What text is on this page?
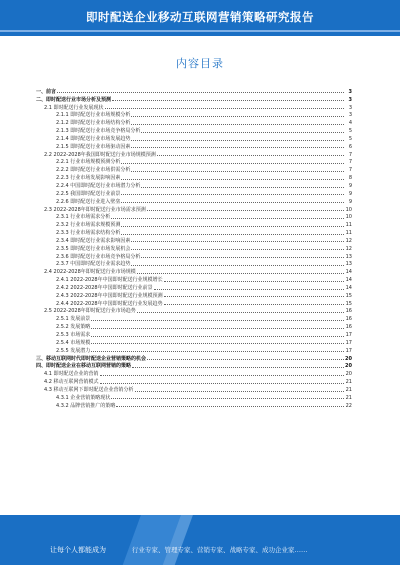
即时配送企业移动互联网营销策略研究报告
内容目录
一、前言	3
二、即时配送行业市场分析及预测	3
2.1 即时配送行业发展现状	3
2.1.1 即时配送行业市场规模分析	3
2.1.2 即时配送行业市场结构分析	4
2.1.3 即时配送行业市场竞争格局分析	5
2.1.4 即时配送行业市场发展趋势	5
2.1.5 即时配送行业市场驱动因素	6
2.2 2022-2028年我国即时配送行业市场规模预测	7
2.2.1 行业市场规模预测分析	7
2.2.2 即时配送行业市场供需分析	7
2.2.3 行业市场发展影响因素	8
2.2.4 中国即时配送行业市场潜力分析	9
2.2.5 我国即时配送行业前景	9
2.2.6 即时配送行业进入壁垒	9
2.3 2022-2028年即时配送行业市场需求预测	10
2.3.1 行业市场需求分析	10
2.3.2 行业市场需求规模预测	11
2.3.3 行业市场需求结构分析	11
2.3.4 即时配送行业需求影响因素	12
2.3.5 即时配送行业市场发展机会	12
2.3.6 即时配送行业市场竞争格局分析	13
2.3.7 中国即时配送行业需求趋势	13
2.4 2022-2028年即时配送行业市场规模	14
2.4.1 2022-2028年中国即时配送行业规模增长	14
2.4.2 2022-2028年中国即时配送行业前景	14
2.4.3 2022-2028年中国即时配送行业规模预测	15
2.4.4 2022-2028年中国即时配送行业发展趋势	15
2.5 2022-2028年即时配送行业市场趋势	16
2.5.1 发展前景	16
2.5.2 发展策略	16
2.5.3 市场需求	17
2.5.4 市场规模	17
2.5.5 发展潜力	17
三、移动互联网时代即时配送企业营销策略的机会	20
四、即时配送企业在移动互联网营销的策略	20
4.1 即时配送企业的营销	20
4.2 移动互联网营销模式	21
4.3 移动互联网下即时配送企业营销分析	21
4.3.1 企业营销策略现状	21
4.3.2 品牌营销推广的策略	22
让每个人都能成为	行业专家、管理专家、营销专家、战略专家、成功企业家……
